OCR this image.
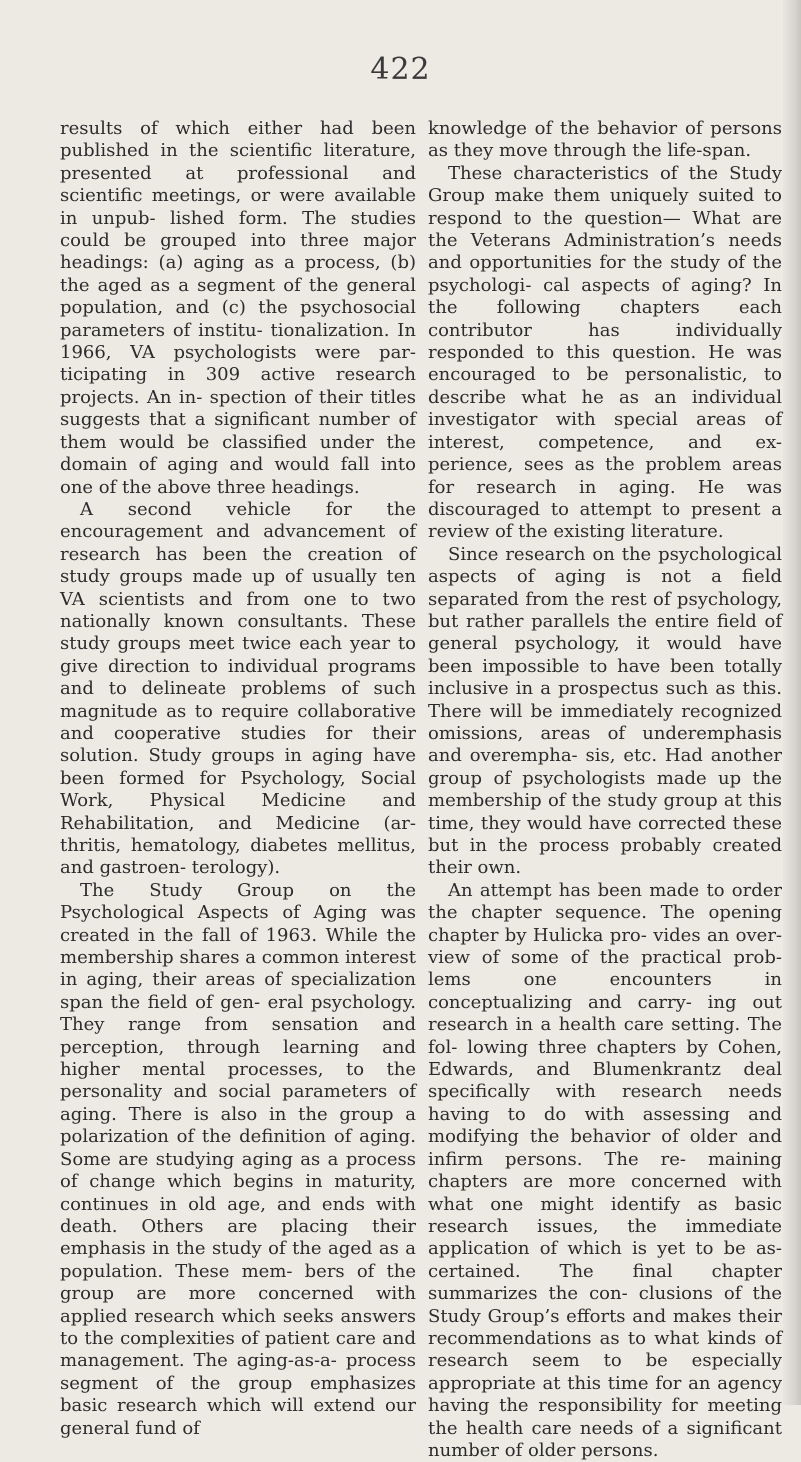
422

results of which either had been published in the scientific literature, presented at professional and scientific meetings, or were available in unpub- lished form. The studies could be grouped into three major headings: (a) aging as a process, (b) the aged as a segment of the general population, and (c) the psychosocial parameters of institu- tionalization. In 1966, VA psychologists were par- ticipating in 309 active research projects. An in- spection of their titles suggests that a significant number of them would be classified under the domain of aging and would fall into one of the above three headings.

A second vehicle for the encouragement and advancement of research has been the creation of study groups made up of usually ten VA scientists and from one to two nationally known consultants. These study groups meet twice each year to give direction to individual programs and to delineate problems of such magnitude as to require collaborative and cooperative studies for their solution. Study groups in aging have been formed for Psychology, Social Work, Physical Medicine and Rehabilitation, and Medicine (ar- thritis, hematology, diabetes mellitus, and gastroen- terology).

The Study Group on the Psychological Aspects of Aging was created in the fall of 1963. While the membership shares a common interest in aging, their areas of specialization span the field of gen- eral psychology. They range from sensation and perception, through learning and higher mental processes, to the personality and social parameters of aging. There is also in the group a polarization of the definition of aging. Some are studying aging as a process of change which begins in maturity, continues in old age, and ends with death. Others are placing their emphasis in the study of the aged as a population. These mem- bers of the group are more concerned with applied research which seeks answers to the complexities of patient care and management. The aging-as-a- process segment of the group emphasizes basic research which will extend our general fund of

knowledge of the behavior of persons as they move through the life-span.

These characteristics of the Study Group make them uniquely suited to respond to the question— What are the Veterans Administration’s needs and opportunities for the study of the psychologi- cal aspects of aging? In the following chapters each contributor has individually responded to this question. He was encouraged to be personalistic, to describe what he as an individual investigator with special areas of interest, competence, and ex- perience, sees as the problem areas for research in aging. He was discouraged to attempt to present a review of the existing literature.

Since research on the psychological aspects of aging is not a field separated from the rest of psychology, but rather parallels the entire field of general psychology, it would have been impossible to have been totally inclusive in a prospectus such as this. There will be immediately recognized omissions, areas of underemphasis and overempha- sis, etc. Had another group of psychologists made up the membership of the study group at this time, they would have corrected these but in the process probably created their own.

An attempt has been made to order the chapter sequence. The opening chapter by Hulicka pro- vides an over-view of some of the practical prob- lems one encounters in conceptualizing and carry- ing out research in a health care setting. The fol- lowing three chapters by Cohen, Edwards, and Blumenkrantz deal specifically with research needs having to do with assessing and modifying the behavior of older and infirm persons. The re- maining chapters are more concerned with what one might identify as basic research issues, the immediate application of which is yet to be as- certained. The final chapter summarizes the con- clusions of the Study Group’s efforts and makes their recommendations as to what kinds of research seem to be especially appropriate at this time for an agency having the responsibility for meeting the health care needs of a significant number of older persons.
